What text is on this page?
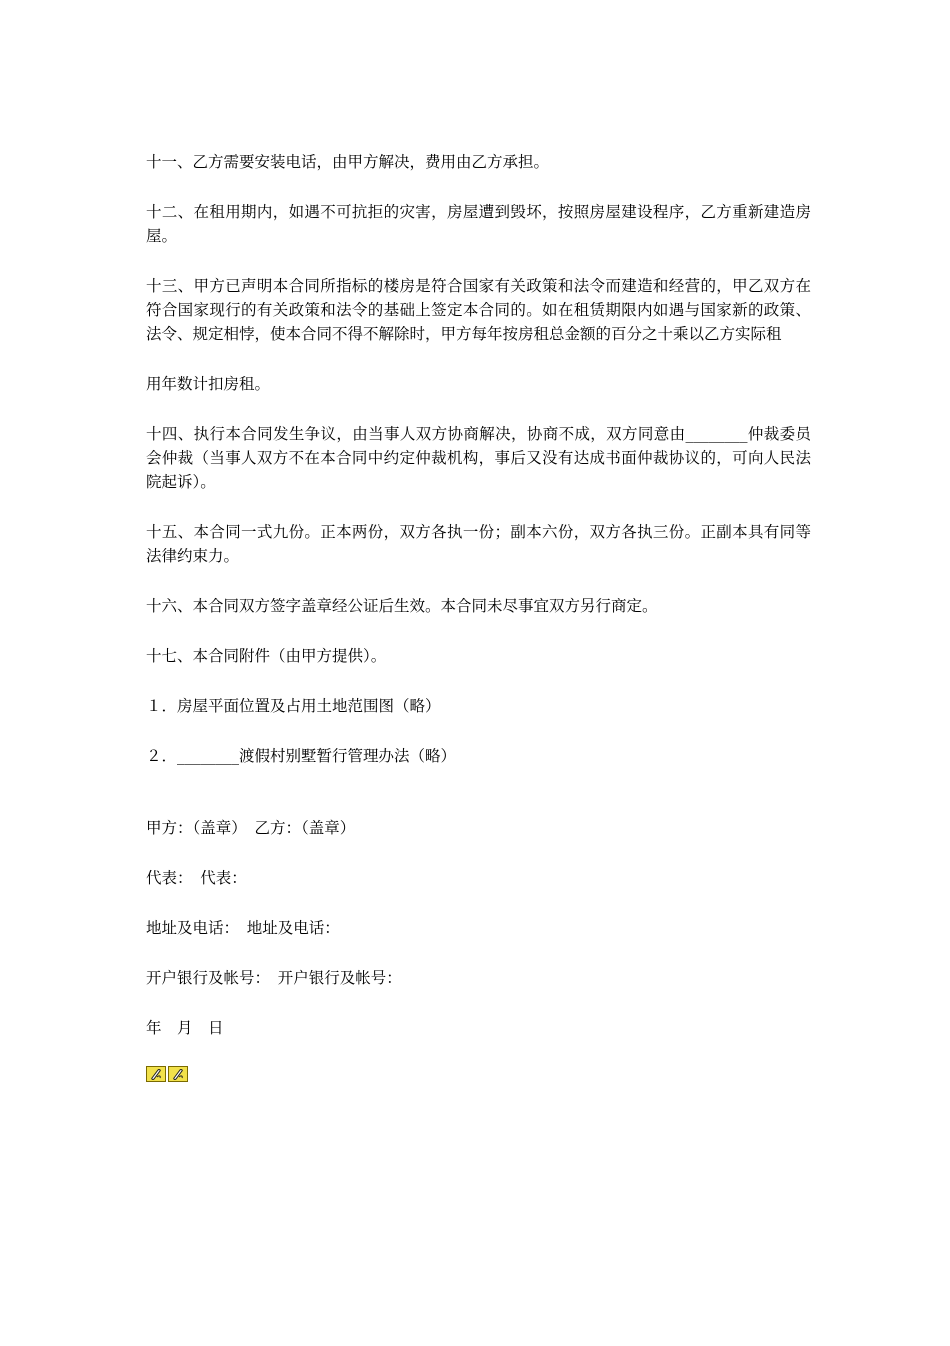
十一、乙方需要安装电话，由甲方解决，费用由乙方承担。

十二、在租用期内，如遇不可抗拒的灾害，房屋遭到毁坏，按照房屋建设程序，乙方重新建造房屋。

十三、甲方已声明本合同所指标的楼房是符合国家有关政策和法令而建造和经营的，甲乙双方在符合国家现行的有关政策和法令的基础上签定本合同的。如在租赁期限内如遇与国家新的政策、法令、规定相悖，使本合同不得不解除时，甲方每年按房租总金额的百分之十乘以乙方实际租

用年数计扣房租。

十四、执行本合同发生争议，由当事人双方协商解决，协商不成，双方同意由________仲裁委员会仲裁（当事人双方不在本合同中约定仲裁机构，事后又没有达成书面仲裁协议的，可向人民法院起诉）。

十五、本合同一式九份。正本两份，双方各执一份；副本六份，双方各执三份。正副本具有同等法律约束力。

十六、本合同双方签字盖章经公证后生效。本合同未尽事宜双方另行商定。

十七、本合同附件（由甲方提供）。

１．房屋平面位置及占用土地范围图（略）

２．________渡假村别墅暂行管理办法（略）

甲方：（盖章）　乙方：（盖章）

代表：　代表：

地址及电话：　地址及电话：

开户银行及帐号：　开户银行及帐号：

年　月　日
